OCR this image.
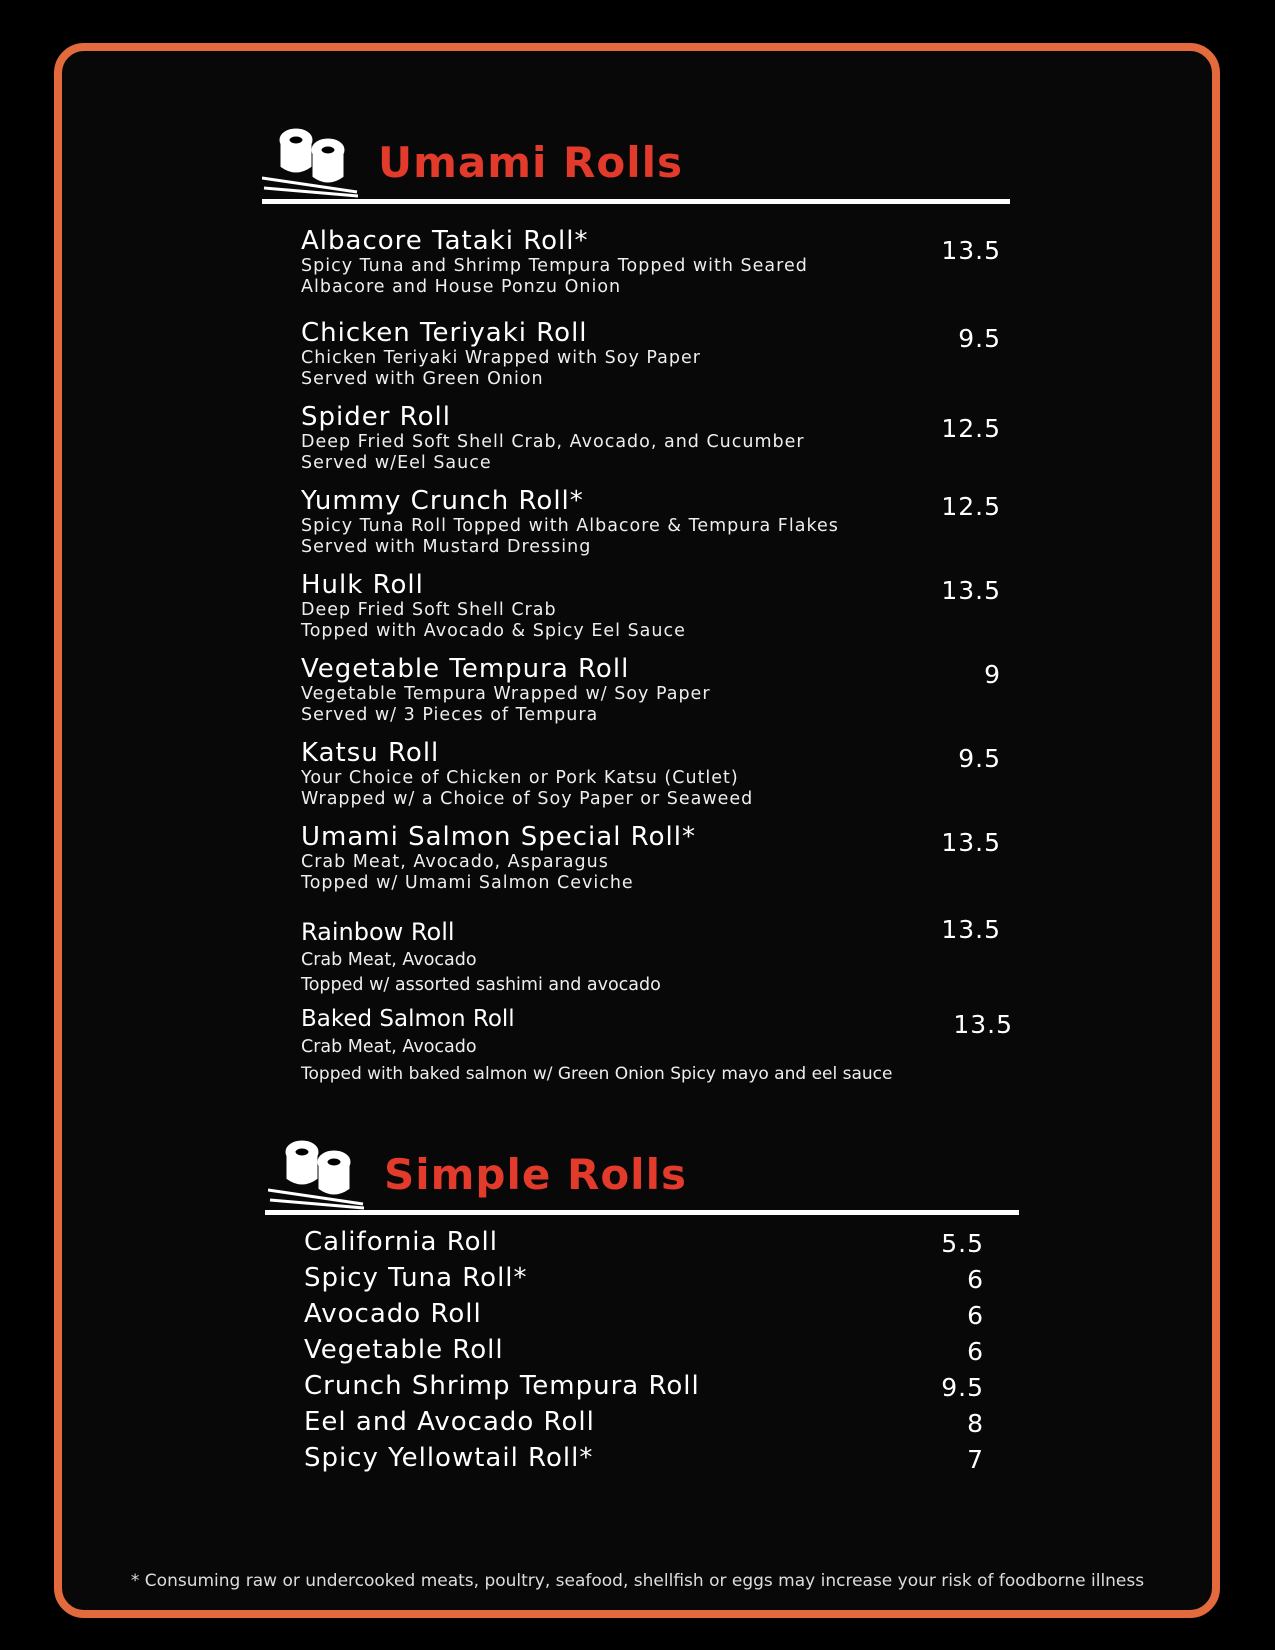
Umami Rolls
Albacore Tataki Roll*
Spicy Tuna and Shrimp Tempura Topped with Seared
Albacore and House Ponzu Onion
13.5
Chicken Teriyaki Roll
Chicken Teriyaki Wrapped with Soy Paper
Served with Green Onion
9.5
Spider Roll
Deep Fried Soft Shell Crab, Avocado, and Cucumber
Served w/Eel Sauce
12.5
Yummy Crunch Roll*
Spicy Tuna Roll Topped with Albacore & Tempura Flakes
Served with Mustard Dressing
12.5
Hulk Roll
Deep Fried Soft Shell Crab
Topped with Avocado & Spicy Eel Sauce
13.5
Vegetable Tempura Roll
Vegetable Tempura Wrapped w/ Soy Paper
Served w/ 3 Pieces of Tempura
9
Katsu Roll
Your Choice of Chicken or Pork Katsu (Cutlet)
Wrapped w/ a Choice of Soy Paper or Seaweed
9.5
Umami Salmon Special Roll*
Crab Meat, Avocado, Asparagus
Topped w/ Umami Salmon Ceviche
13.5
Rainbow Roll
Crab Meat, Avocado
Topped w/ assorted sashimi and avocado
13.5
Baked Salmon Roll
Crab Meat, Avocado
Topped with baked salmon w/ Green Onion Spicy mayo and eel sauce
13.5
Simple Rolls
California Roll	5.5
Spicy Tuna Roll*	6
Avocado Roll	6
Vegetable Roll	6
Crunch Shrimp Tempura Roll	9.5
Eel and Avocado Roll	8
Spicy Yellowtail Roll*	7
* Consuming raw or undercooked meats, poultry, seafood, shellfish or eggs may increase your risk of foodborne illness
